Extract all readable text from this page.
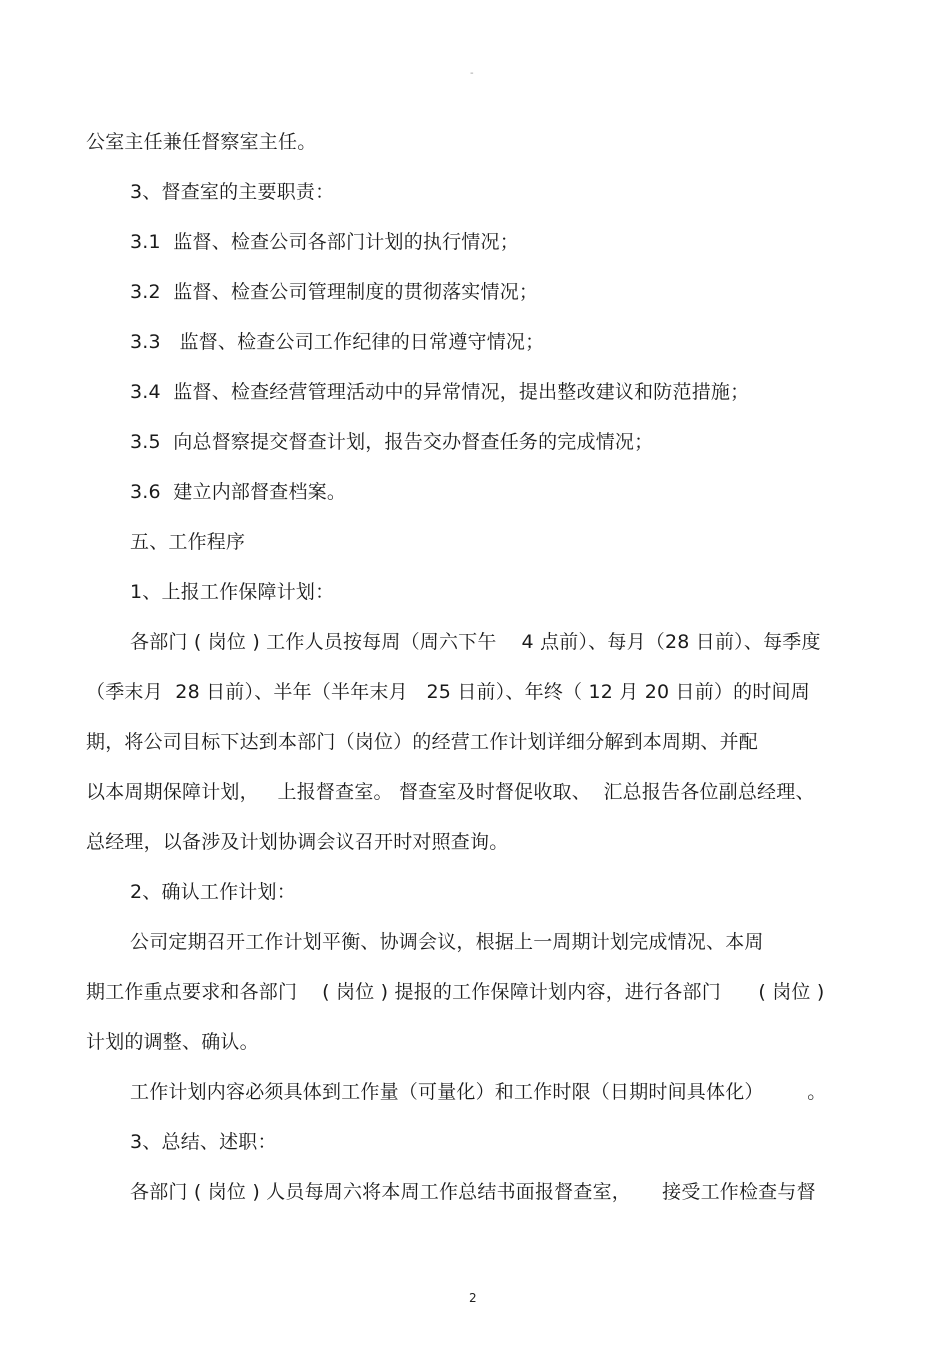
-
公室主任兼任督察室主任。
3、督查室的主要职责：
3.1  监督、检查公司各部门计划的执行情况；
3.2  监督、检查公司管理制度的贯彻落实情况；
3.3   监督、检查公司工作纪律的日常遵守情况；
3.4  监督、检查经营管理活动中的异常情况，提出整改建议和防范措施；
3.5  向总督察提交督查计划，报告交办督查任务的完成情况；
3.6  建立内部督查档案。
五、工作程序
1、上报工作保障计划：
各部门 ( 岗位 ) 工作人员按每周（周六下午    4 点前）、每月（28 日前）、每季度
（季末月  28 日前）、半年（半年末月   25 日前）、年终（ 12 月 20 日前）的时间周
期，将公司目标下达到本部门（岗位）的经营工作计划详细分解到本周期、并配
以本周期保障计划，   上报督查室。 督查室及时督促收取、  汇总报告各位副总经理、
总经理，以备涉及计划协调会议召开时对照查询。
2、确认工作计划：
公司定期召开工作计划平衡、协调会议，根据上一周期计划完成情况、本周
期工作重点要求和各部门    ( 岗位 ) 提报的工作保障计划内容，进行各部门      ( 岗位 )
计划的调整、确认。
工作计划内容必须具体到工作量（可量化）和工作时限（日期时间具体化）       。
3、总结、述职：
各部门 ( 岗位 ) 人员每周六将本周工作总结书面报督查室，     接受工作检查与督
2
